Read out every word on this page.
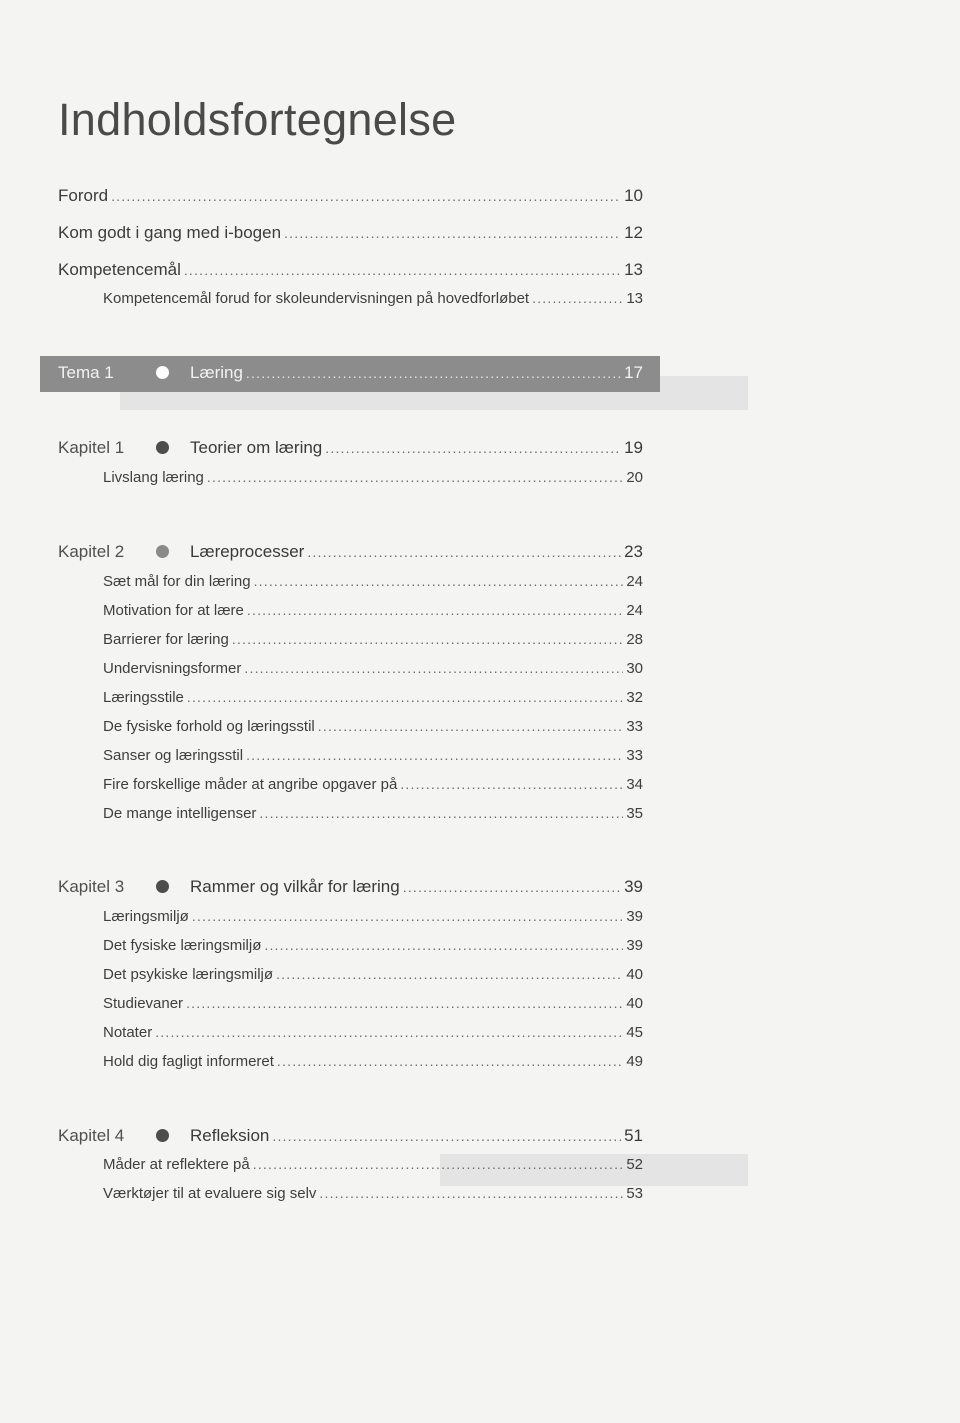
Indholdsfortegnelse
Forord .....	10
Kom godt i gang med i-bogen .....	12
Kompetencemål .....	13
Kompetencemål forud for skoleundervisningen på hovedforløbet .....	13
Tema 1	Læring .....	17
Kapitel 1	Teorier om læring .....	19
Livslang læring .....	20
Kapitel 2	Læreprocesser .....	23
Sæt mål for din læring .....	24
Motivation for at lære .....	24
Barrierer for læring .....	28
Undervisningsformer .....	30
Læringsstile .....	32
De fysiske forhold og læringsstil .....	33
Sanser og læringsstil .....	33
Fire forskellige måder at angribe opgaver på .....	34
De mange intelligenser .....	35
Kapitel 3	Rammer og vilkår for læring .....	39
Læringsmiljø .....	39
Det fysiske læringsmiljø .....	39
Det psykiske læringsmiljø .....	40
Studievaner .....	40
Notater .....	45
Hold dig fagligt informeret .....	49
Kapitel 4	Refleksion .....	51
Måder at reflektere på .....	52
Værktøjer til at evaluere sig selv .....	53
